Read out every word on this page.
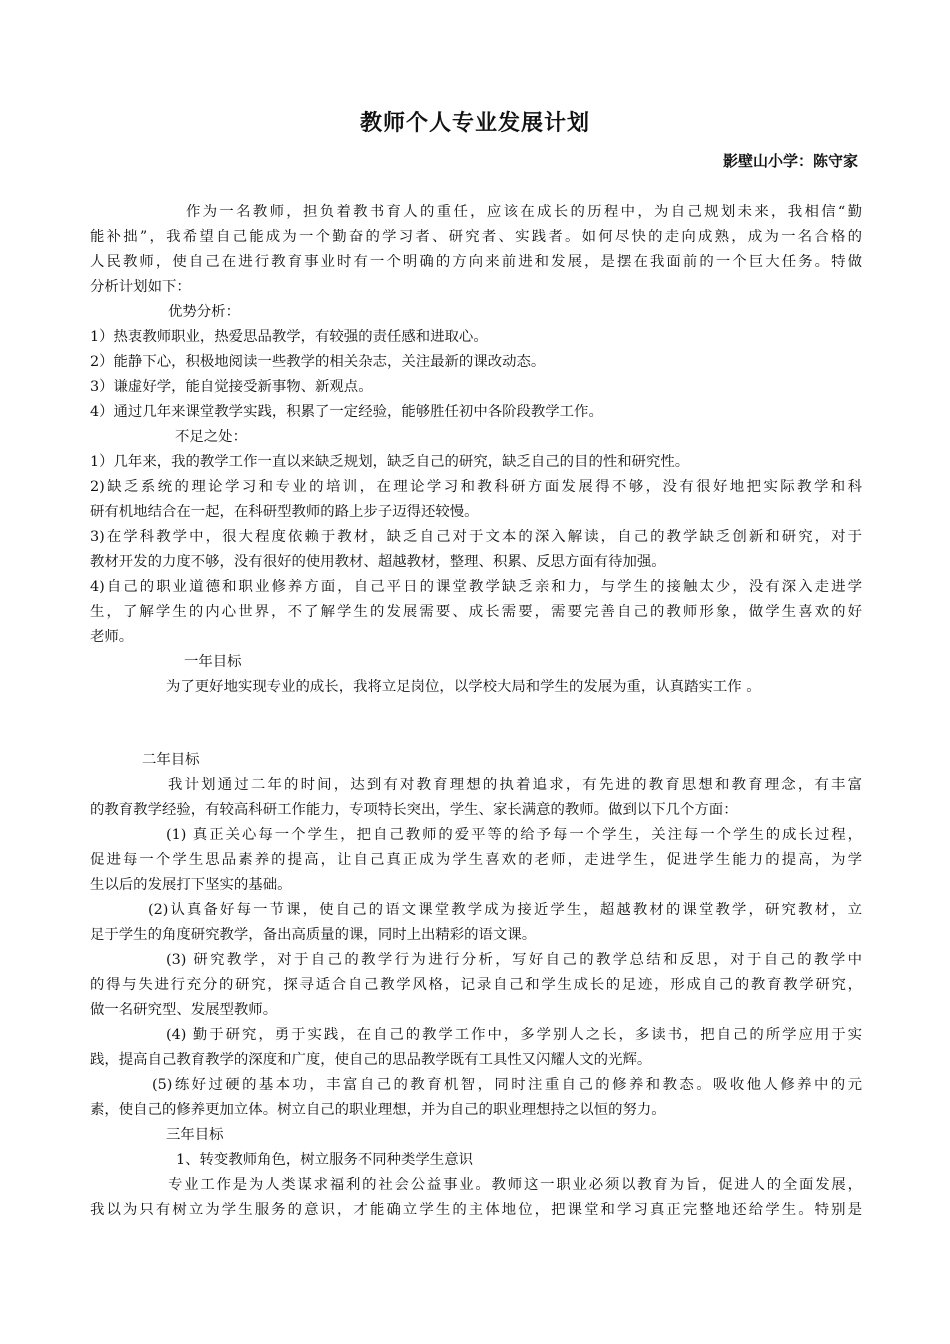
教师个人专业发展计划
影壁山小学：陈守家
作为一名教师，担负着教书育人的重任，应该在成长的历程中，为自己规划未来，我相信“勤
能补拙”，我希望自己能成为一个勤奋的学习者、研究者、实践者。如何尽快的走向成熟，成为一名合格的
人民教师，使自己在进行教育事业时有一个明确的方向来前进和发展，是摆在我面前的一个巨大任务。特做
分析计划如下：
优势分析：
1）热衷教师职业，热爱思品教学，有较强的责任感和进取心。
2）能静下心，积极地阅读一些教学的相关杂志，关注最新的课改动态。
3）谦虚好学，能自觉接受新事物、新观点。
4）通过几年来课堂教学实践，积累了一定经验，能够胜任初中各阶段教学工作。
不足之处：
1）几年来，我的教学工作一直以来缺乏规划，缺乏自己的研究，缺乏自己的目的性和研究性。
2)缺乏系统的理论学习和专业的培训，在理论学习和教科研方面发展得不够，没有很好地把实际教学和科
研有机地结合在一起，在科研型教师的路上步子迈得还较慢。
3)在学科教学中，很大程度依赖于教材，缺乏自己对于文本的深入解读，自己的教学缺乏创新和研究，对于
教材开发的力度不够，没有很好的使用教材、超越教材，整理、积累、反思方面有待加强。
4)自己的职业道德和职业修养方面，自己平日的课堂教学缺乏亲和力，与学生的接触太少，没有深入走进学
生，了解学生的内心世界，不了解学生的发展需要、成长需要，需要完善自己的教师形象，做学生喜欢的好
老师。
一年目标
为了更好地实现专业的成长，我将立足岗位，以学校大局和学生的发展为重，认真踏实工作 。
二年目标
我计划通过二年的时间，达到有对教育理想的执着追求，有先进的教育思想和教育理念，有丰富
的教育教学经验，有较高科研工作能力，专项特长突出，学生、家长满意的教师。做到以下几个方面：
(1) 真正关心每一个学生，把自己教师的爱平等的给予每一个学生，关注每一个学生的成长过程，
促进每一个学生思品素养的提高，让自己真正成为学生喜欢的老师，走进学生，促进学生能力的提高，为学
生以后的发展打下坚实的基础。
(2)认真备好每一节课，使自己的语文课堂教学成为接近学生，超越教材的课堂教学，研究教材，立
足于学生的角度研究教学，备出高质量的课，同时上出精彩的语文课。
(3) 研究教学，对于自己的教学行为进行分析，写好自己的教学总结和反思，对于自己的教学中
的得与失进行充分的研究，探寻适合自己教学风格，记录自己和学生成长的足迹，形成自己的教育教学研究，
做一名研究型、发展型教师。
(4) 勤于研究，勇于实践，在自己的教学工作中，多学别人之长，多读书，把自己的所学应用于实
践，提高自己教育教学的深度和广度，使自己的思品教学既有工具性又闪耀人文的光辉。
(5)练好过硬的基本功，丰富自己的教育机智，同时注重自己的修养和教态。吸收他人修养中的元
素，使自己的修养更加立体。树立自己的职业理想，并为自己的职业理想持之以恒的努力。
三年目标
1、转变教师角色，树立服务不同种类学生意识
专业工作是为人类谋求福利的社会公益事业。教师这一职业必须以教育为旨，促进人的全面发展，
我以为只有树立为学生服务的意识，才能确立学生的主体地位，把课堂和学习真正完整地还给学生。特别是
